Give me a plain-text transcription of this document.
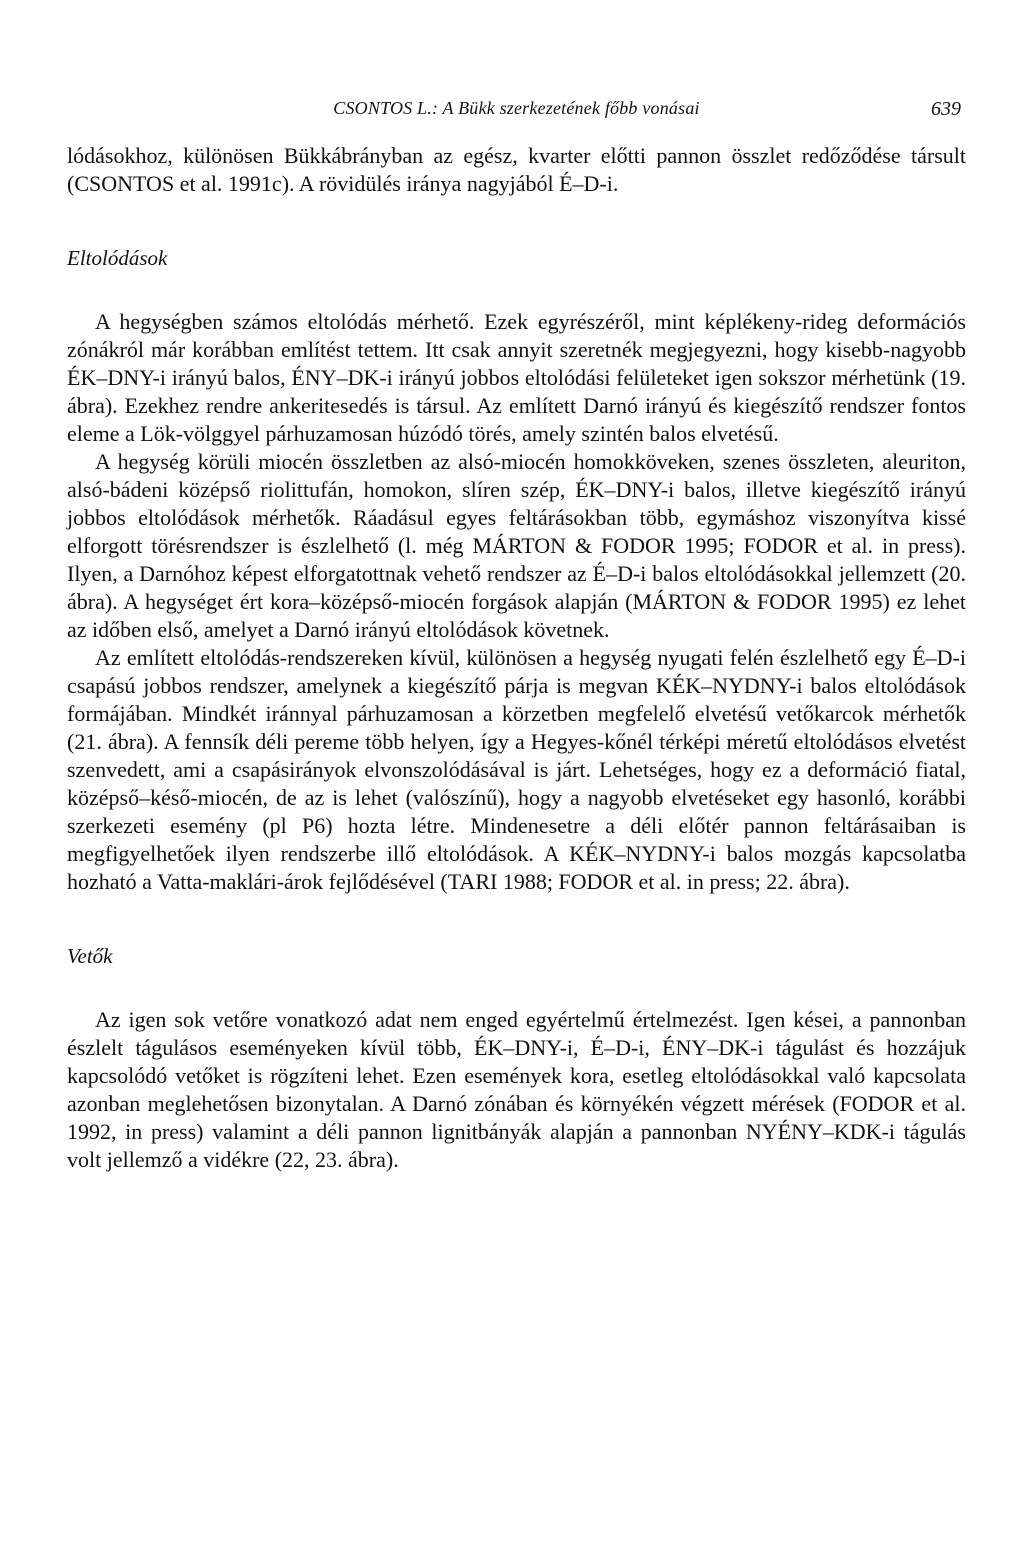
CSONTOS L.: A Bükk szerkezetének főbb vonásai	639

lódásokhoz, különösen Bükkábrányban az egész, kvarter előtti pannon összlet redőződése társult (CSONTOS et al. 1991c). A rövidülés iránya nagyjából É–D-i.

Eltolódások

A hegységben számos eltolódás mérhető. Ezek egyrészéről, mint képlékeny-rideg deformációs zónákról már korábban említést tettem. Itt csak annyit szeretnék megjegyezni, hogy kisebb-nagyobb ÉK–DNY-i irányú balos, ÉNY–DK-i irányú jobbos eltolódási felületeket igen sokszor mérhetünk (19. ábra). Ezekhez rendre ankeritesedés is társul. Az említett Darnó irányú és kiegészítő rendszer fontos eleme a Lök-völggyel párhuzamosan húzódó törés, amely szintén balos elvetésű.

A hegység körüli miocén összletben az alsó-miocén homokköveken, szenes összleten, aleuriton, alsó-bádeni középső riolittufán, homokon, slíren szép, ÉK–DNY-i balos, illetve kiegészítő irányú jobbos eltolódások mérhetők. Ráadásul egyes feltárásokban több, egymáshoz viszonyítva kissé elforgott törésrendszer is észlelhető (l. még MÁRTON & FODOR 1995; FODOR et al. in press). Ilyen, a Darnóhoz képest elforgatottnak vehető rendszer az É–D-i balos eltolódásokkal jellemzett (20. ábra). A hegységet ért kora–középső-miocén forgások alapján (MÁRTON & FODOR 1995) ez lehet az időben első, amelyet a Darnó irányú eltolódások követnek.

Az említett eltolódás-rendszereken kívül, különösen a hegység nyugati felén észlelhető egy É–D-i csapású jobbos rendszer, amelynek a kiegészítő párja is megvan KÉK–NYDNY-i balos eltolódások formájában. Mindkét iránnyal párhuzamosan a körzetben megfelelő elvetésű vetőkarcok mérhetők (21. ábra). A fennsík déli pereme több helyen, így a Hegyes-kőnél térképi méretű eltolódásos elvetést szenvedett, ami a csapásirányok elvonszolódásával is járt. Lehetséges, hogy ez a deformáció fiatal, középső–késő-miocén, de az is lehet (valószínű), hogy a nagyobb elvetéseket egy hasonló, korábbi szerkezeti esemény (pl P6) hozta létre. Mindenesetre a déli előtér pannon feltárásaiban is megfigyelhetőek ilyen rendszerbe illő eltolódások. A KÉK–NYDNY-i balos mozgás kapcsolatba hozható a Vatta-maklári-árok fejlődésével (TARI 1988; FODOR et al. in press; 22. ábra).

Vetők

Az igen sok vetőre vonatkozó adat nem enged egyértelmű értelmezést. Igen kései, a pannonban észlelt tágulásos eseményeken kívül több, ÉK–DNY-i, É–D-i, ÉNY–DK-i tágulást és hozzájuk kapcsolódó vetőket is rögzíteni lehet. Ezen események kora, esetleg eltolódásokkal való kapcsolata azonban meglehetősen bizonytalan. A Darnó zónában és környékén végzett mérések (FODOR et al. 1992, in press) valamint a déli pannon lignitbányák alapján a pannonban NYÉNY–KDK-i tágulás volt jellemző a vidékre (22, 23. ábra).
